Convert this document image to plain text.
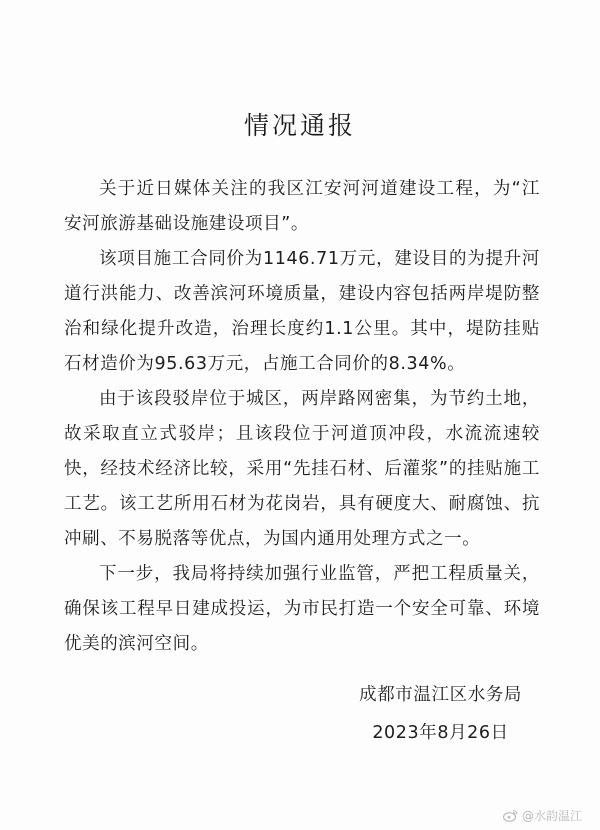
情况通报

关于近日媒体关注的我区江安河河道建设工程，为“江安河旅游基础设施建设项目”。

该项目施工合同价为1146.71万元，建设目的为提升河道行洪能力、改善滨河环境质量，建设内容包括两岸堤防整治和绿化提升改造，治理长度约1.1公里。其中，堤防挂贴石材造价为95.63万元，占施工合同价的8.34%。

由于该段驳岸位于城区，两岸路网密集，为节约土地，故采取直立式驳岸；且该段位于河道顶冲段，水流流速较快，经技术经济比较，采用“先挂石材、后灌浆”的挂贴施工工艺。该工艺所用石材为花岗岩，具有硬度大、耐腐蚀、抗冲刷、不易脱落等优点，为国内通用处理方式之一。

下一步，我局将持续加强行业监管，严把工程质量关，确保该工程早日建成投运，为市民打造一个安全可靠、环境优美的滨河空间。

成都市温江区水务局
2023年8月26日
@水韵温江
